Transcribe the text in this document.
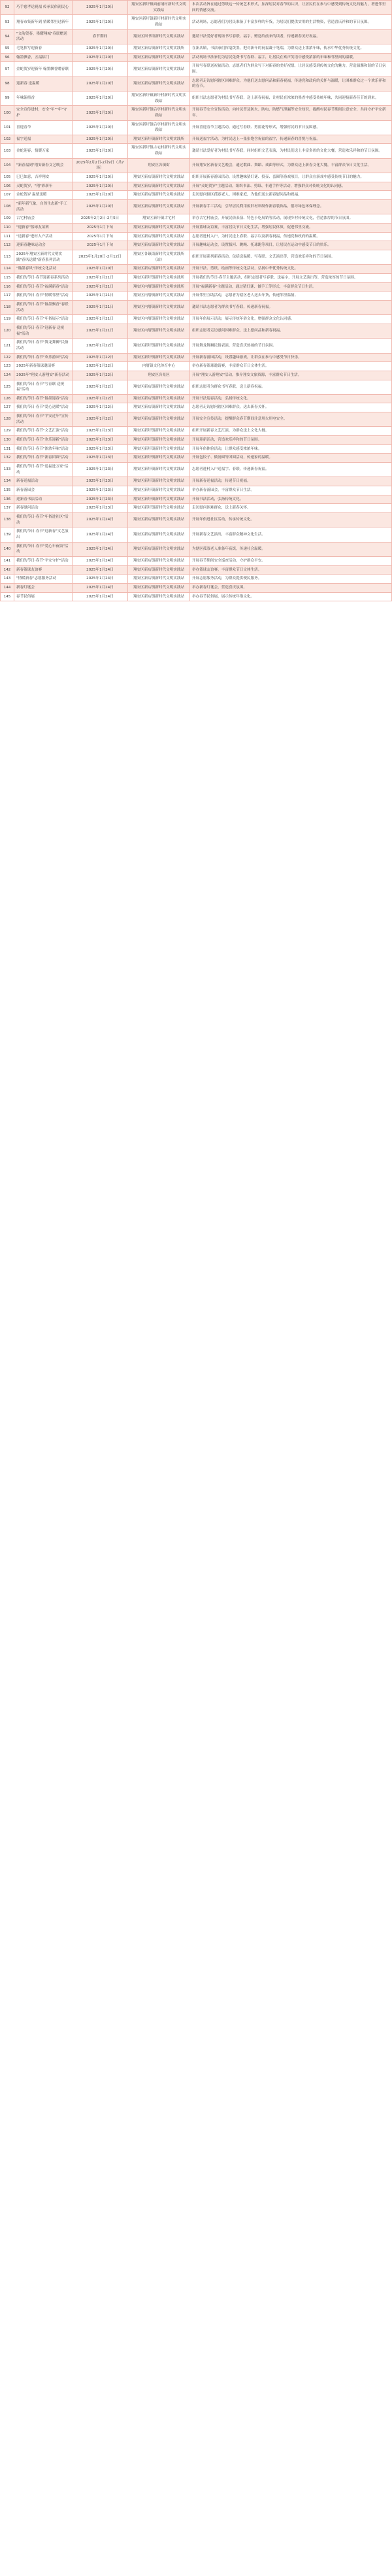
92	巧手慈孝送祝福 传承民俗润民心	2025年1月20日	翔安区新圩镇面前埔村新时代文明实践站	本次活动旨在通过剪纸这一传统艺术形式，加深居民对春节的认识，让居民们在参与中感受到传统文化的魅力，增进邻里间的情感交流。
93	翔春市集新年到 情暖邻里过新年	2025年1月20日	翔安区新圩镇新圩村新时代文明实践站	活动现场，志愿者们为居民准备了丰富多样的年货，为居民们提供实用的生活物资，营造喜庆祥和的节日氛围。
94	"文韵贺春，墨耀翔城"春联赠送活动	春节期间	翔安区图书馆新时代文明实践站	邀请书法爱好者现场书写春联、福字，赠送给前来的读者，传递新春美好祝福。
95	毛笔挥写迎新春	2025年1月20日	翔安区新店镇新时代文明实践所	在新店镇，书法家们挥毫泼墨，把对新年的祝福凝于笔端，为群众送上浓浓年味，传承中华优秀传统文化。
96	翰墨飘香，五福临门	2025年1月20日	翔安区新店镇新时代文明实践站	活动现场书法家们为居民免费书写春联、福字，让居民在欢声笑语中感受浓浓的年味和邻里间的温暖。
97	金蛇贺岁迎新年 翰墨飘香赠春联	2025年1月20日	翔安区新店镇新时代文明实践站	开展写春联送祝福活动，志愿者们为群众写下对新春的美好祝愿，让居民感受到传统文化的魅力，营造温馨和谐的节日氛围。
98	迎新春 送温暖	2025年1月20日	翔安区新店镇新时代文明实践站	志愿者走访慰问辖区困难群众，为他们送去慰问品和新春祝福，传递党和政府的关怀与温暖，让困难群众过一个欢乐祥和的春节。
99	年味翰墨香	2025年1月20日	翔安区新圩镇新圩村新时代文明实践站	组织书法志愿者为村民书写春联，送上新春祝福，让村民在浓浓的墨香中感受传统年味，共同迎接新春佳节的到来。
100	安全宣传进村，安全"年""年"守护	2025年1月20日	翔安区新圩镇后亭村新时代文明实践站	开展春节安全宣传活动，向村民普及防火、防电、防燃气泄漏等安全知识，提醒村民春节期间注意安全，共同守护平安新年。
101	喜迎春节	2025年1月20日	翔安区新圩镇后亭村新时代文明实践站	开展喜迎春节主题活动，通过写春联、剪窗花等形式，增强村民的节日氛围感。
102	福字送福	2025年1月20日	翔安区新圩镇新时代文明实践所	开展送福字活动，为村民送上一张张饱含祝福的福字，传递新春的喜悦与祝福。
103	金蛇迎春，情暖万家	2025年1月20日	翔安区新圩镇古宅村新时代文明实践站	邀请书法爱好者为村民书写春联，同时组织文艺表演，为村民们送上丰富多彩的文化大餐，营造欢乐祥和的节日氛围。
104	"新春福到"翔安新春文艺晚会	2025年2月2日-2月9日（共7场）	翔安区各镇街	开展翔安区新春文艺晚会，通过歌曲、舞蹈、戏曲等形式，为群众送上新春文化大餐，丰富群众节日文化生活。
105	巳巳如意，吉祥翔安	2025年1月20日	翔安区新店镇新时代文明实践站	组织开展新春游园活动，设置趣味猜灯谜、投壶、套圈等游戏项目，让群众在游戏中感受传统节日的魅力。
106	灵蛇贺岁，"翔"彩新年	2025年1月20日	翔安区新店镇新时代文明实践站	开展"灵蛇贺岁"主题活动，组织书法、剪纸、非遗手作等活动，增强群众对传统文化的认同感。
107	金蛇贺岁 温情送暖	2025年1月20日	翔安区新店镇新时代文明实践站	走访慰问辖区孤寡老人、困难家庭，为他们送去新春慰问品和祝福。
108	"新年新气象，自然生态新"手工活动	2025年1月20日	翔安区新店镇新时代文明实践站	开展新春手工活动，引导居民利用废旧材料制作新春装饰品，倡导绿色环保理念。
109	古宅村庙会	2025年2月2日-2月5日	翔安区新圩镇古宅村	举办古宅村庙会，开展民俗表演、特色小吃展销等活动，展现乡村传统文化，营造浓厚的节日氛围。
110	"迎新春"篮球友谊赛	2025年1月下旬	翔安区新店镇新时代文明实践站	开展篮球友谊赛，丰富居民节日文化生活，增强居民体质，促进邻里交流。
111	"送新春"进村入户活动	2025年1月下旬	翔安区新店镇新时代文明实践站	志愿者进村入户，为村民送上春联、福字以及新春祝福，传递党和政府的温暖。
112	迎新春趣味运动会	2025年1月下旬	翔安区新店镇新时代文明实践站	开展趣味运动会，设置拔河、跳绳、托球跑等项目，让居民在运动中感受节日的快乐。
113	2025年翔安区新时代文明实践"春风送暖"新春系列活动	2025年1月20日-2月12日	翔安区各镇街新时代文明实践所（站）	组织开展系列新春活动，包括送温暖、写春联、文艺演出等，营造欢乐祥和的节日氛围。
114	"翰墨春风"传统文化活动	2025年1月20日	翔安区新店镇新时代文明实践站	开展书法、剪纸、绘画等传统文化活动，弘扬中华优秀传统文化。
115	我们的节日·春节迎新春系列活动	2025年1月21日	翔安区新圩镇新时代文明实践所	开展我们的节日·春节主题活动，组织志愿者写春联、送福字，开展文艺演出等，营造浓厚的节日氛围。
116	我们的节日·春节"福满新春"活动	2025年1月21日	翔安区内厝镇新时代文明实践所	开展"福满新春"主题活动，通过猜灯谜、做手工等形式，丰富群众节日生活。
117	我们的节日·春节"情暖邻里"活动	2025年1月21日	翔安区内厝镇新时代文明实践站	开展邻里互助活动，志愿者为辖区老人送去年货，传递邻里温情。
118	我们的节日·春节"翰墨飘香"春联活动	2025年1月21日	翔安区内厝镇新时代文明实践站	邀请书法志愿者为群众书写春联，传递新春祝福。
119	我们的节日·春节"年俗展示"活动	2025年1月21日	翔安区内厝镇新时代文明实践站	开展年俗展示活动，展示传统年俗文化，增强群众文化认同感。
120	我们的节日·春节"迎新春 送祝福"活动	2025年1月21日	翔安区内厝镇新时代文明实践站	组织志愿者走访慰问困难群众，送上慰问品和新春祝福。
121	我们的节日·春节"舞龙舞狮"民俗活动	2025年1月22日	翔安区新圩镇新时代文明实践站	开展舞龙舞狮民俗表演，营造喜庆热闹的节日氛围。
122	我们的节日·春节"欢乐游园"活动	2025年1月22日	翔安区新圩镇新时代文明实践站	开展新春游园活动，设置趣味游戏，让群众在参与中感受节日快乐。
123	2025年新春篮球邀请赛	2025年1月22日	内厝镇文化体育中心	举办新春篮球邀请赛，丰富群众节日文体生活。
124	2025年"翔安人游翔安"新春活动	2025年1月22日	翔安区各景区	开展"翔安人游翔安"活动，推介翔安文旅资源，丰富群众节日生活。
125	我们的节日·春节"写春联 送祝福"活动	2025年1月22日	翔安区新店镇新时代文明实践站	组织志愿者为群众书写春联，送上新春祝福。
126	我们的节日·春节"翰墨迎春"活动	2025年1月22日	翔安区新店镇新时代文明实践站	开展书法迎春活动，弘扬传统文化。
127	我们的节日·春节"爱心送暖"活动	2025年1月22日	翔安区新店镇新时代文明实践站	志愿者走访慰问辖区困难群众，送去新春关怀。
128	我们的节日·春节"平安过年"宣传活动	2025年1月22日	翔安区新店镇新时代文明实践站	开展安全宣传活动，提醒群众春节期间注意用火用电安全。
129	我们的节日·春节"文艺汇演"活动	2025年1月23日	翔安区新圩镇新时代文明实践站	组织开展新春文艺汇演，为群众送上文化大餐。
130	我们的节日·春节"欢乐迎新"活动	2025年1月23日	翔安区新圩镇新时代文明实践站	开展迎新活动，营造欢乐祥和的节日氛围。
131	我们的节日·春节"浓浓年味"活动	2025年1月23日	翔安区新圩镇新时代文明实践站	开展年俗体验活动，让群众感受浓浓年味。
132	我们的节日·春节"新春团圆"活动	2025年1月23日	翔安区新圩镇新时代文明实践站	开展包饺子、做汤圆等团圆活动，传递家的温暖。
133	我们的节日·春节"送福进万家"活动	2025年1月23日	翔安区新圩镇新时代文明实践站	志愿者进村入户送福字、春联，传递新春祝福。
134	新春送福活动	2025年1月23日	翔安区新圩镇新时代文明实践站	开展新春送福活动，传递节日祝福。
135	新春游园会	2025年1月23日	翔安区新圩镇新时代文明实践站	举办新春游园会，丰富群众节日生活。
136	迎新春书法活动	2025年1月23日	翔安区新圩镇新时代文明实践站	开展书法活动，弘扬传统文化。
137	新春慰问活动	2025年1月23日	翔安区新圩镇新时代文明实践站	走访慰问困难群众，送上新春关怀。
138	我们的节日·春节"年俗进社区"活动	2025年1月24日	翔安区新店镇新时代文明实践站	开展年俗进社区活动，传承传统文化。
139	我们的节日·春节"迎新春"文艺演出	2025年1月24日	翔安区新店镇新时代文明实践站	开展新春文艺演出，丰富群众精神文化生活。
140	我们的节日·春节"爱心年夜饭"活动	2025年1月24日	翔安区新店镇新时代文明实践站	为辖区孤寡老人准备年夜饭，传递社会温暖。
141	我们的节日·春节"平安守护"活动	2025年1月24日	翔安区新店镇新时代文明实践站	开展春节期间安全巡查活动，守护群众平安。
142	新春篮球友谊赛	2025年1月24日	翔安区新店镇新时代文明实践站	举办篮球友谊赛，丰富群众节日文体生活。
143	"情暖新春"志愿服务活动	2025年1月24日	翔安区新店镇新时代文明实践站	开展志愿服务活动，为群众提供便民服务。
144	新春灯谜会	2025年1月24日	翔安区新店镇新时代文明实践站	举办新春灯谜会，营造喜庆氛围。
145	春节民俗展	2025年1月24日	翔安区新店镇新时代文明实践站	举办春节民俗展，展示传统年俗文化。
